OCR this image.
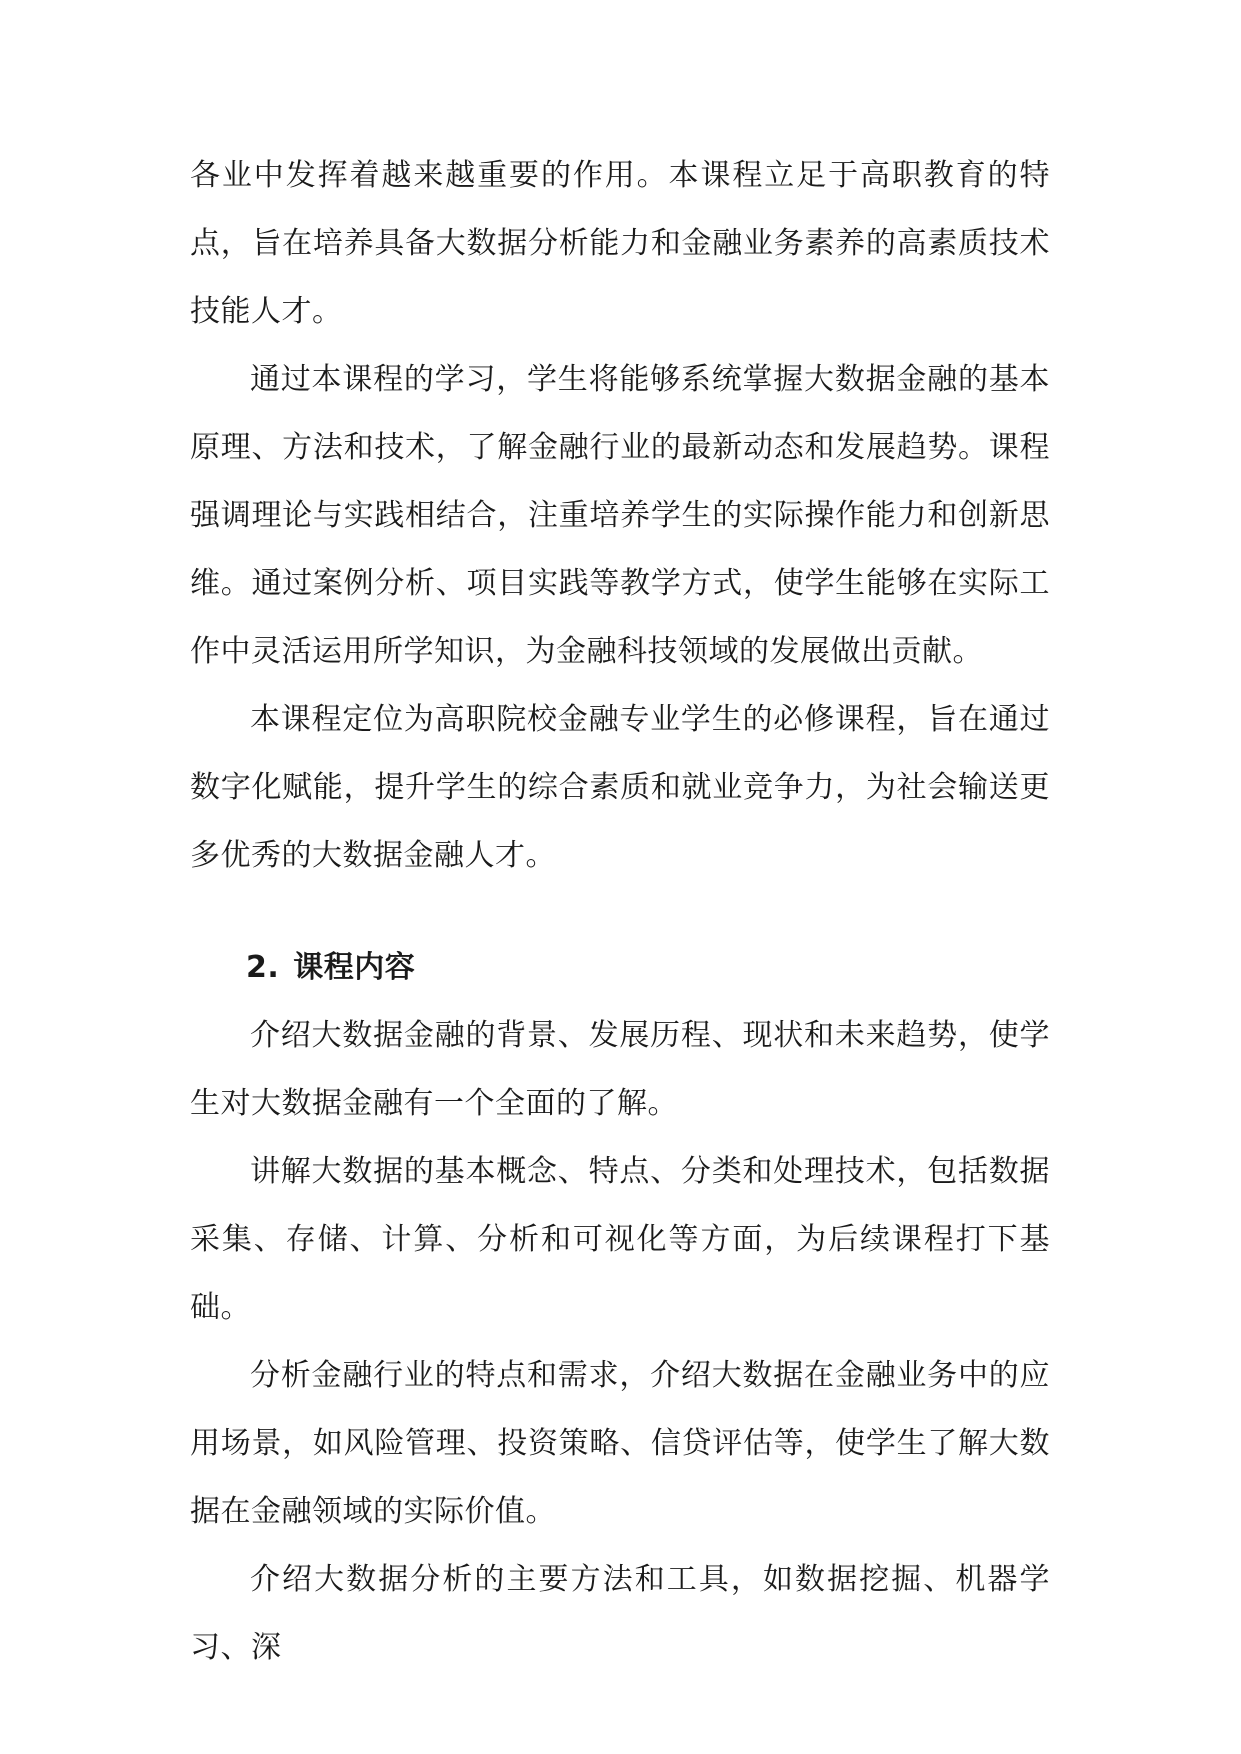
各业中发挥着越来越重要的作用。本课程立足于高职教育的特点，旨在培养具备大数据分析能力和金融业务素养的高素质技术技能人才。

通过本课程的学习，学生将能够系统掌握大数据金融的基本原理、方法和技术，了解金融行业的最新动态和发展趋势。课程强调理论与实践相结合，注重培养学生的实际操作能力和创新思维。通过案例分析、项目实践等教学方式，使学生能够在实际工作中灵活运用所学知识，为金融科技领域的发展做出贡献。

本课程定位为高职院校金融专业学生的必修课程，旨在通过数字化赋能，提升学生的综合素质和就业竞争力，为社会输送更多优秀的大数据金融人才。

2. 课程内容

介绍大数据金融的背景、发展历程、现状和未来趋势，使学生对大数据金融有一个全面的了解。

讲解大数据的基本概念、特点、分类和处理技术，包括数据采集、存储、计算、分析和可视化等方面，为后续课程打下基础。

分析金融行业的特点和需求，介绍大数据在金融业务中的应用场景，如风险管理、投资策略、信贷评估等，使学生了解大数据在金融领域的实际价值。

介绍大数据分析的主要方法和工具，如数据挖掘、机器学习、深
